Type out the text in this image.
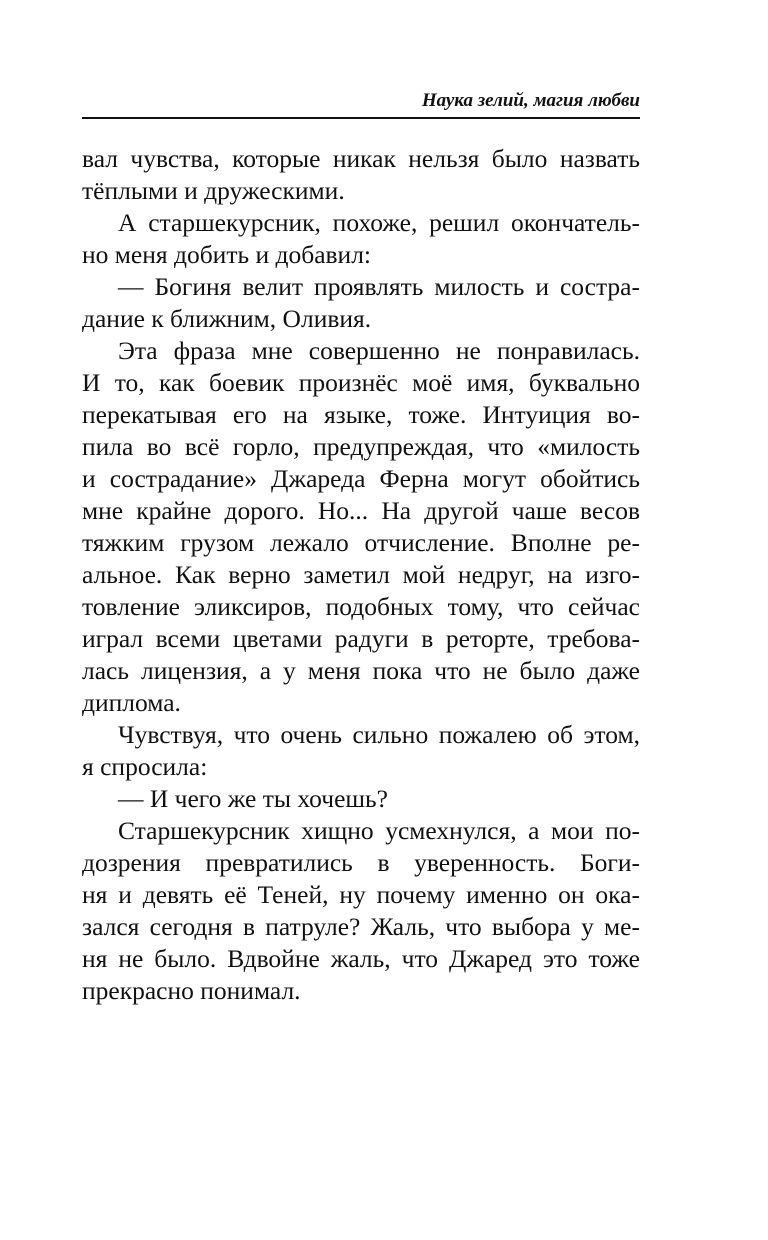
Наука зелий, магия любви
вал чувства, которые никак нельзя было назвать
тёплыми и дружескими.
А старшекурсник, похоже, решил окончатель-
но меня добить и добавил:
— Богиня велит проявлять милость и состра-
дание к ближним, Оливия.
Эта фраза мне совершенно не понравилась.
И то, как боевик произнёс моё имя, буквально
перекатывая его на языке, тоже. Интуиция во-
пила во всё горло, предупреждая, что «милость
и сострадание» Джареда Ферна могут обойтись
мне крайне дорого. Но... На другой чаше весов
тяжким грузом лежало отчисление. Вполне ре-
альное. Как верно заметил мой недруг, на изго-
товление эликсиров, подобных тому, что сейчас
играл всеми цветами радуги в реторте, требова-
лась лицензия, а у меня пока что не было даже
диплома.
Чувствуя, что очень сильно пожалею об этом,
я спросила:
— И чего же ты хочешь?
Старшекурсник хищно усмехнулся, а мои по-
дозрения превратились в уверенность. Боги-
ня и девять её Теней, ну почему именно он ока-
зался сегодня в патруле? Жаль, что выбора у ме-
ня не было. Вдвойне жаль, что Джаред это тоже
прекрасно понимал.
